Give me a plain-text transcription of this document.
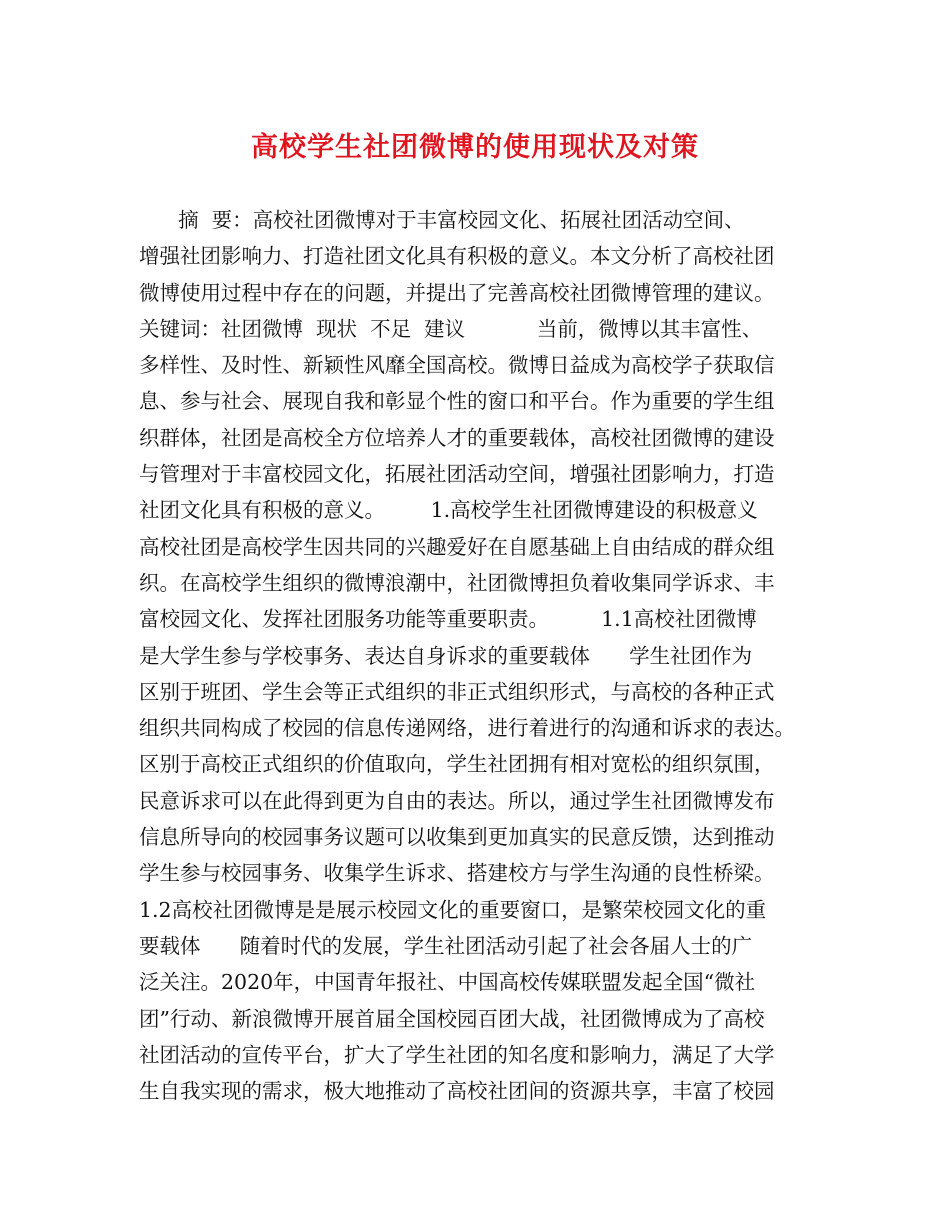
高校学生社团微博的使用现状及对策
摘  要：高校社团微博对于丰富校园文化、拓展社团活动空间、
增强社团影响力、打造社团文化具有积极的意义。本文分析了高校社团
微博使用过程中存在的问题，并提出了完善高校社团微博管理的建议。
关键词：社团微博  现状  不足  建议           当前，微博以其丰富性、
多样性、及时性、新颖性风靡全国高校。微博日益成为高校学子获取信
息、参与社会、展现自我和彰显个性的窗口和平台。作为重要的学生组
织群体，社团是高校全方位培养人才的重要载体，高校社团微博的建设
与管理对于丰富校园文化，拓展社团活动空间，增强社团影响力，打造
社团文化具有积极的意义。       1.高校学生社团微博建设的积极意义
高校社团是高校学生因共同的兴趣爱好在自愿基础上自由结成的群众组
织。在高校学生组织的微博浪潮中，社团微博担负着收集同学诉求、丰
富校园文化、发挥社团服务功能等重要职责。        1.1高校社团微博
是大学生参与学校事务、表达自身诉求的重要载体      学生社团作为
区别于班团、学生会等正式组织的非正式组织形式，与高校的各种正式
组织共同构成了校园的信息传递网络，进行着进行的沟通和诉求的表达。
区别于高校正式组织的价值取向，学生社团拥有相对宽松的组织氛围，
民意诉求可以在此得到更为自由的表达。所以，通过学生社团微博发布
信息所导向的校园事务议题可以收集到更加真实的民意反馈，达到推动
学生参与校园事务、收集学生诉求、搭建校方与学生沟通的良性桥梁。
1.2高校社团微博是是展示校园文化的重要窗口，是繁荣校园文化的重
要载体      随着时代的发展，学生社团活动引起了社会各届人士的广
泛关注。2020年，中国青年报社、中国高校传媒联盟发起全国“微社
团”行动、新浪微博开展首届全国校园百团大战，社团微博成为了高校
社团活动的宣传平台，扩大了学生社团的知名度和影响力，满足了大学
生自我实现的需求，极大地推动了高校社团间的资源共享，丰富了校园
